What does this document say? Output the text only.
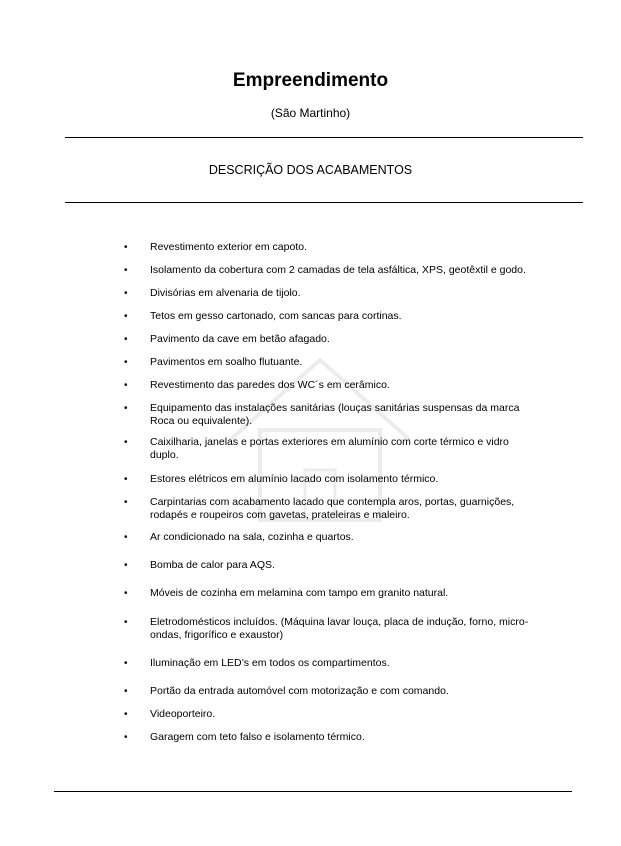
Empreendimento
(São Martinho)
DESCRIÇÃO DOS ACABAMENTOS
•	Revestimento exterior em capoto.
•	Isolamento da cobertura com 2 camadas de tela asfáltica, XPS, geotêxtil e godo.
•	Divisórias em alvenaria de tijolo.
•	Tetos em gesso cartonado, com sancas para cortinas.
•	Pavimento da cave em betão afagado.
•	Pavimentos em soalho flutuante.
•	Revestimento das paredes dos WC´s em cerâmico.
•	Equipamento das instalações sanitárias (louças sanitárias suspensas da marca Roca ou equivalente).
•	Caixilharia, janelas e portas exteriores em alumínio com corte térmico e vidro duplo.
•	Estores elétricos em alumínio lacado com isolamento térmico.
•	Carpintarias com acabamento lacado que contempla aros, portas, guarnições, rodapés e roupeiros com gavetas, prateleiras e maleiro.
•	Ar condicionado na sala, cozinha e quartos.
•	Bomba de calor para AQS.
•	Móveis de cozinha em melamina com tampo em granito natural.
•	Eletrodomésticos incluídos. (Máquina lavar louça, placa de indução, forno, micro-ondas, frigorífico e exaustor)
•	Iluminação em LED’s em todos os compartimentos.
•	Portão da entrada automóvel com motorização e com comando.
•	Videoporteiro.
•	Garagem com teto falso e isolamento térmico.
